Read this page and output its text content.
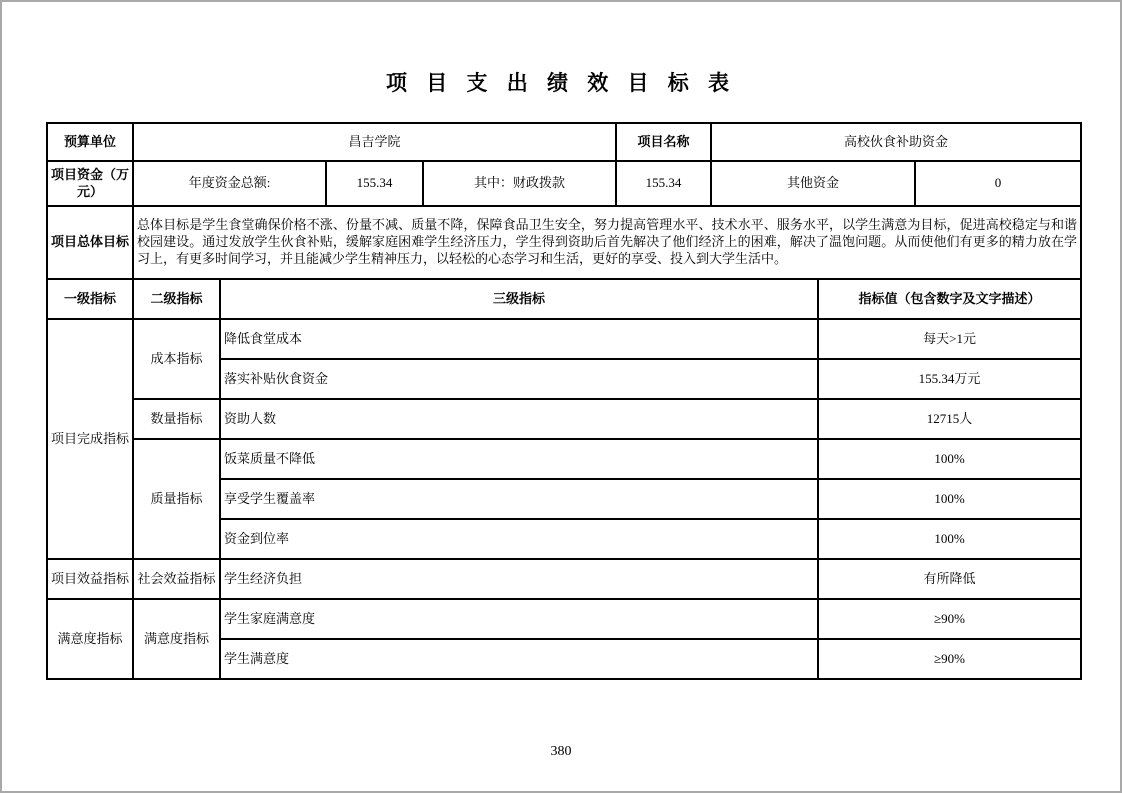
项 目 支 出 绩 效 目 标 表
预算单位	昌吉学院				项目名称	高校伙食补助资金		
项目资金（万元）	年度资金总额:		155.34	其中：财政拨款	155.34	其他资金		0
项目总体目标	总体目标是学生食堂确保价格不涨、份量不减、质量不降，保障食品卫生安全，努力提高管理水平、技术水平、服务水平，以学生满意为目标，促进高校稳定与和谐校园建设。通过发放学生伙食补贴，缓解家庭困难学生经济压力，学生得到资助后首先解决了他们经济上的困难，解决了温饱问题。从而使他们有更多的精力放在学习上，有更多时间学习，并且能减少学生精神压力，以轻松的心态学习和生活，更好的享受、投入到大学生活中。							
一级指标	二级指标	三级指标					指标值（包含数字及文字描述）	
项目完成指标	成本指标	降低食堂成本					每天>1元	
		落实补贴伙食资金					155.34万元	
	数量指标	资助人数					12715人	
	质量指标	饭菜质量不降低					100%	
		享受学生覆盖率					100%	
		资金到位率					100%	
项目效益指标	社会效益指标	学生经济负担					有所降低	
满意度指标	满意度指标	学生家庭满意度					≥90%	
		学生满意度					≥90%	
380
